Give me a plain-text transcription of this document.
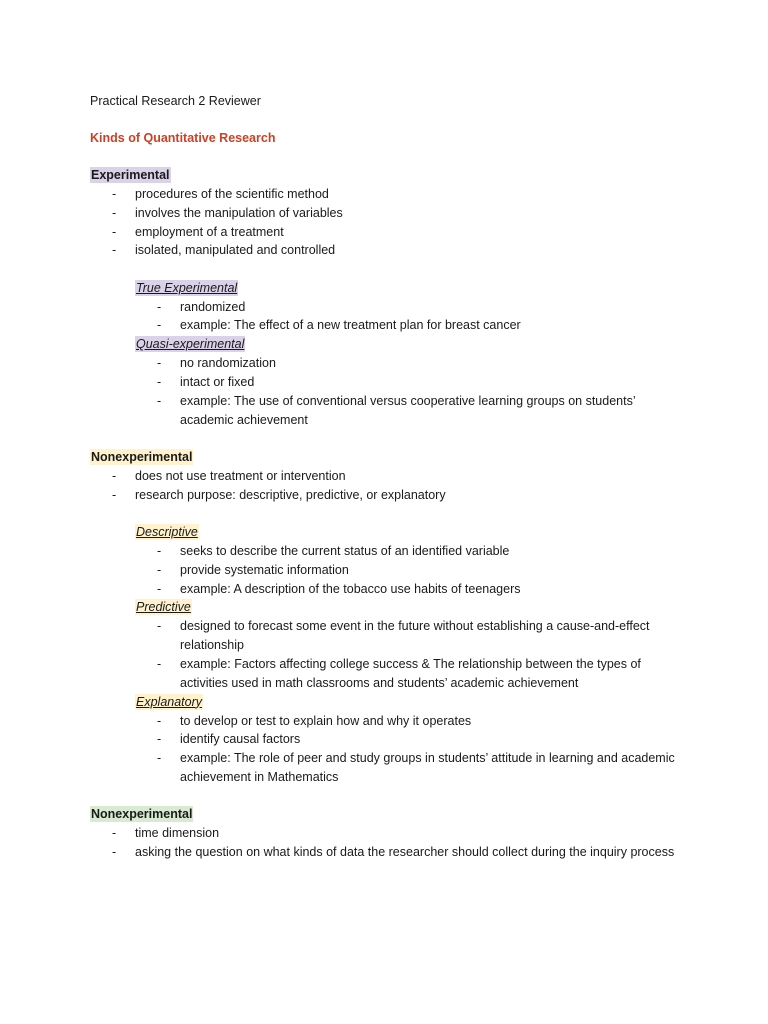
Practical Research 2 Reviewer
Kinds of Quantitative Research
Experimental
- procedures of the scientific method
- involves the manipulation of variables
- employment of a treatment
- isolated, manipulated and controlled
True Experimental
- randomized
- example: The effect of a new treatment plan for breast cancer
Quasi-experimental
- no randomization
- intact or fixed
- example: The use of conventional versus cooperative learning groups on students’ academic achievement
Nonexperimental
- does not use treatment or intervention
- research purpose: descriptive, predictive, or explanatory
Descriptive
- seeks to describe the current status of an identified variable
- provide systematic information
- example: A description of the tobacco use habits of teenagers
Predictive
- designed to forecast some event in the future without establishing a cause-and-effect relationship
- example: Factors affecting college success & The relationship between the types of activities used in math classrooms and students’ academic achievement
Explanatory
- to develop or test to explain how and why it operates
- identify causal factors
- example: The role of peer and study groups in students’ attitude in learning and academic achievement in Mathematics
Nonexperimental
- time dimension
- asking the question on what kinds of data the researcher should collect during the inquiry process
